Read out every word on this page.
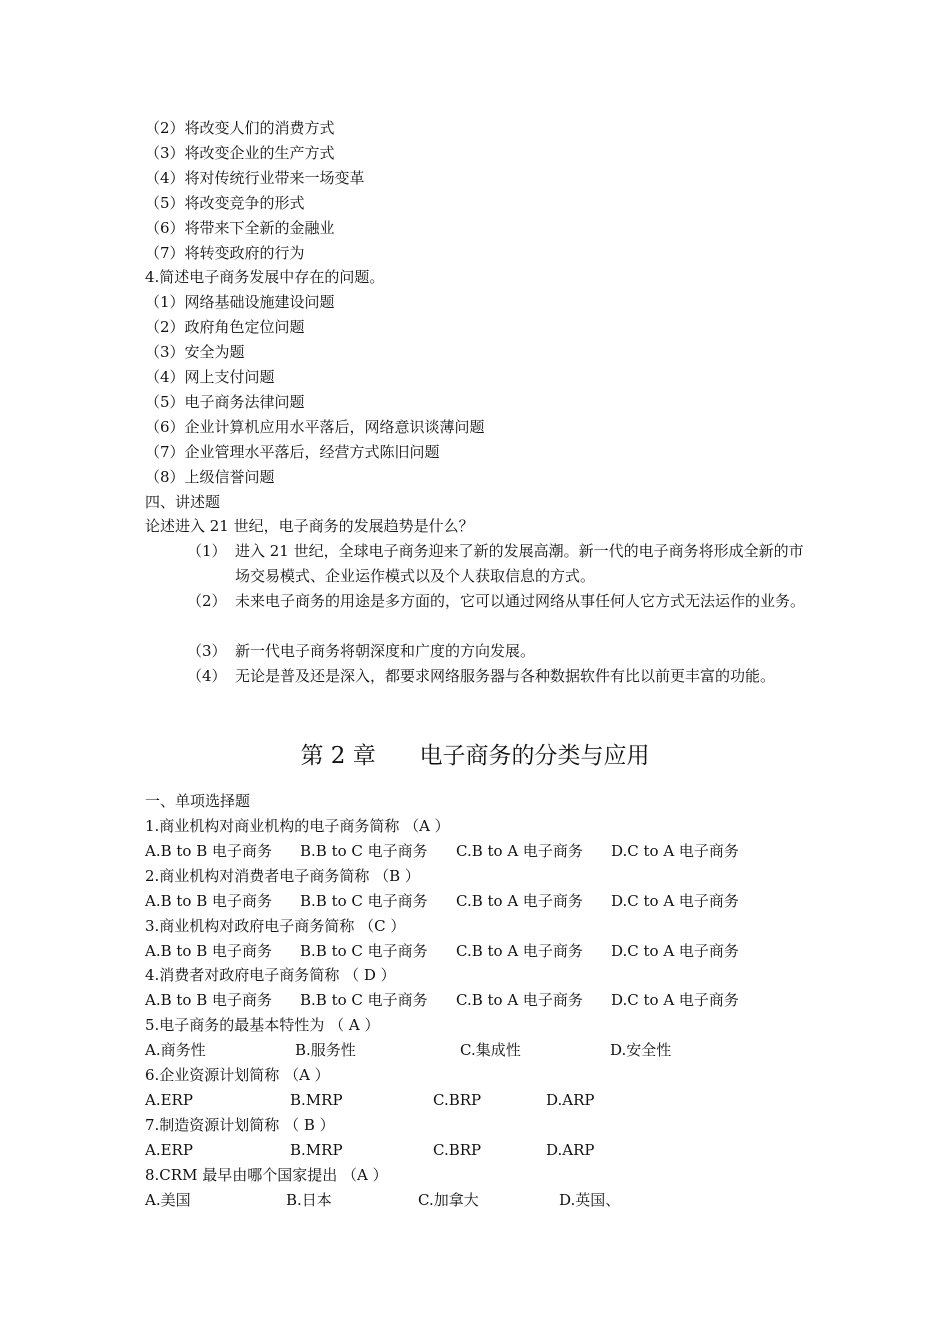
（2）将改变人们的消费方式
（3）将改变企业的生产方式
（4）将对传统行业带来一场变革
（5）将改变竞争的形式
（6）将带来下全新的金融业
（7）将转变政府的行为
4.简述电子商务发展中存在的问题。
（1）网络基础设施建设问题
（2）政府角色定位问题
（3）安全为题
（4）网上支付问题
（5）电子商务法律问题
（6）企业计算机应用水平落后，网络意识谈薄问题
（7）企业管理水平落后，经营方式陈旧问题
（8）上级信誉问题
四、讲述题
论述进入 21 世纪，电子商务的发展趋势是什么？
（1） 进入 21 世纪，全球电子商务迎来了新的发展高潮。新一代的电子商务将形成全新的市场交易模式、企业运作模式以及个人获取信息的方式。
（2） 未来电子商务的用途是多方面的，它可以通过网络从事任何人它方式无法运作的业务。
（3） 新一代电子商务将朝深度和广度的方向发展。
（4） 无论是普及还是深入，都要求网络服务器与各种数据软件有比以前更丰富的功能。
第 2 章      电子商务的分类与应用
一、单项选择题
1.商业机构对商业机构的电子商务简称 （A ）
A.B to B 电子商务 B.B to C 电子商务 C.B to A 电子商务 D.C to A 电子商务
2.商业机构对消费者电子商务简称 （B ）
A.B to B 电子商务 B.B to C 电子商务 C.B to A 电子商务 D.C to A 电子商务
3.商业机构对政府电子商务简称 （C ）
A.B to B 电子商务 B.B to C 电子商务 C.B to A 电子商务 D.C to A 电子商务
4.消费者对政府电子商务简称 （ D ）
A.B to B 电子商务 B.B to C 电子商务 C.B to A 电子商务 D.C to A 电子商务
5.电子商务的最基本特性为 （ A ）
A.商务性	B.服务性	C.集成性	D.安全性
6.企业资源计划简称 （A ）
A.ERP	B.MRP	C.BRP	D.ARP
7.制造资源计划简称 （ B ）
A.ERP	B.MRP	C.BRP	D.ARP
8.CRM 最早由哪个国家提出 （A ）
A.美国	B.日本	C.加拿大	D.英国、
